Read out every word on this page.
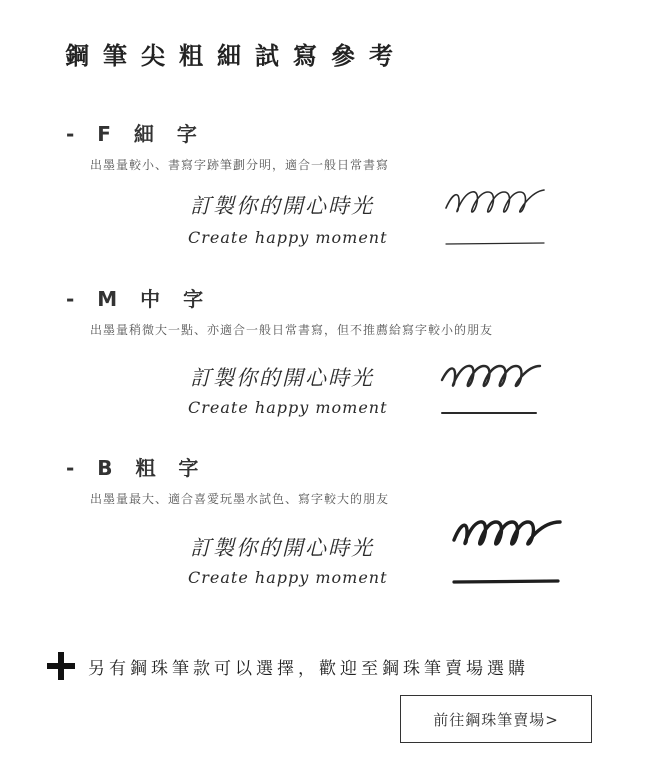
鋼筆尖粗細試寫參考
- F 細 字
出墨量較小、書寫字跡筆劃分明，適合一般日常書寫
訂製你的開心時光
Create happy moment
- M 中 字
出墨量稍微大一點、亦適合一般日常書寫，但不推薦給寫字較小的朋友
訂製你的開心時光
Create happy moment
- B 粗 字
出墨量最大、適合喜愛玩墨水試色、寫字較大的朋友
訂製你的開心時光
Create happy moment
另有鋼珠筆款可以選擇，歡迎至鋼珠筆賣場選購
前往鋼珠筆賣場>
